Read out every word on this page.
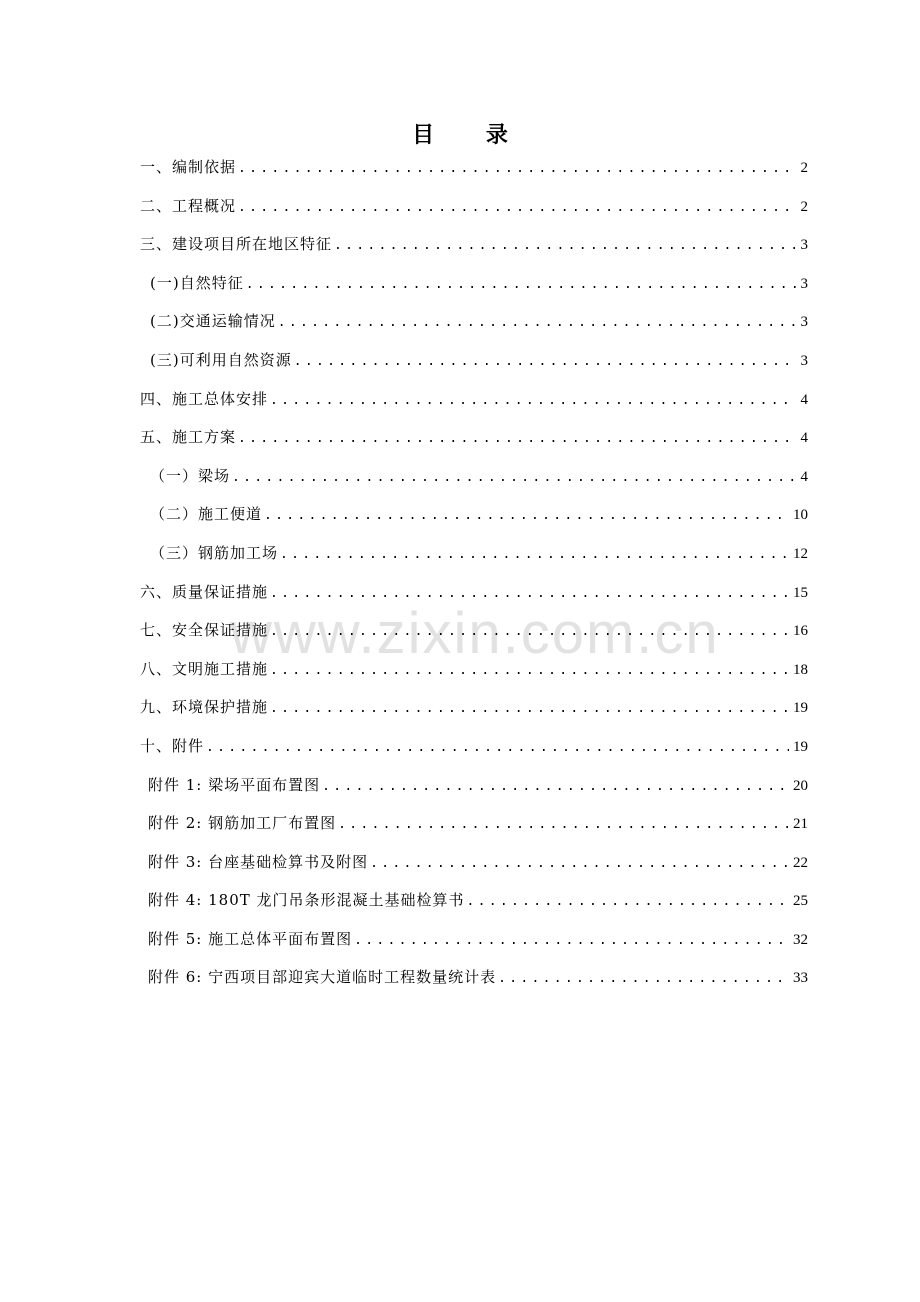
www.zixin.com.cn
目 录
一、编制依据 .....	2
二、工程概况 .....	2
三、建设项目所在地区特征 .....	3
(一)自然特征 .....	3
(二)交通运输情况 .....	3
(三)可利用自然资源 .....	3
四、施工总体安排 .....	4
五、施工方案 .....	4
（一）梁场 .....	4
（二）施工便道 .....	10
（三）钢筋加工场 .....	12
六、质量保证措施 .....	15
七、安全保证措施 .....	16
八、文明施工措施 .....	18
九、环境保护措施 .....	19
十、附件 .....	19
附件 1: 梁场平面布置图 .....	20
附件 2: 钢筋加工厂布置图 .....	21
附件 3: 台座基础检算书及附图 .....	22
附件 4: 180T 龙门吊条形混凝土基础检算书 .....	25
附件 5: 施工总体平面布置图 .....	32
附件 6: 宁西项目部迎宾大道临时工程数量统计表 .....	33
